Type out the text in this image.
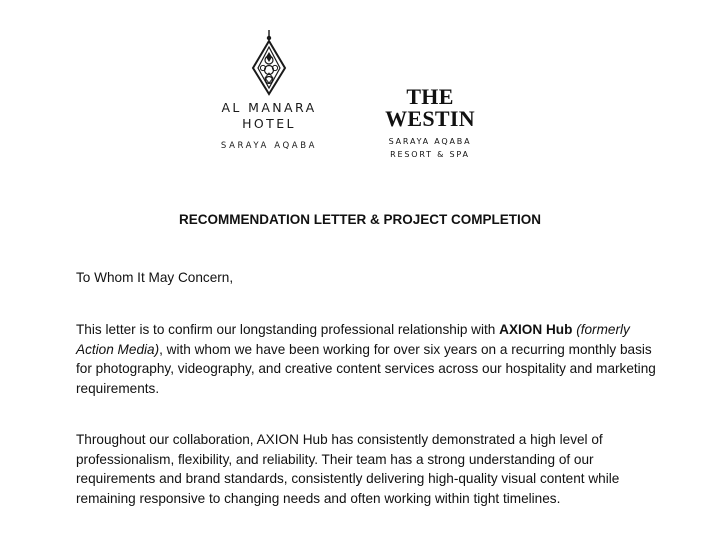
AL MANARA
HOTEL
SARAYA AQABA
THE WESTIN
SARAYA AQABA
RESORT & SPA
RECOMMENDATION LETTER & PROJECT COMPLETION
To Whom It May Concern,
This letter is to confirm our longstanding professional relationship with AXION Hub (formerly Action Media), with whom we have been working for over six years on a recurring monthly basis for photography, videography, and creative content services across our hospitality and marketing requirements.
Throughout our collaboration, AXION Hub has consistently demonstrated a high level of professionalism, flexibility, and reliability. Their team has a strong understanding of our requirements and brand standards, consistently delivering high-quality visual content while remaining responsive to changing needs and often working within tight timelines.
